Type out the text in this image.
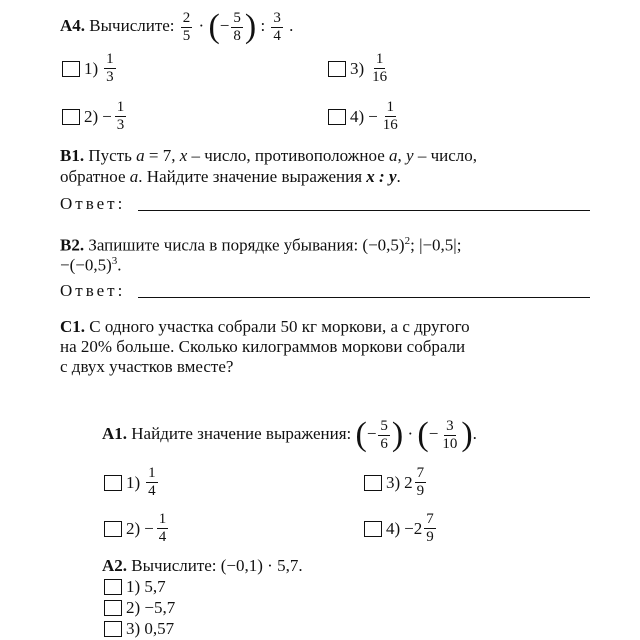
А4. Вычислите: $\frac{2}{5}$ · (− $\frac{5}{8}$ ) : $\frac{3}{4}$ .
$1) \frac{1}{3}$	$3) \frac{1}{16}$
$2) - \frac{1}{3}$	$4) - \frac{1}{16}$
В1. Пусть a = 7, x – число, противоположное a, y – число,
обратное a. Найдите значение выражения x : y.
Ответ:
В2. Запишите числа в порядке убывания: $(-0,5)^2$; |−0,5|;
$-(-0,5)^3$.
Ответ:
С1. С одного участка собрали 50 кг моркови, а с другого
на 20% больше. Сколько килограммов моркови собрали
с двух участков вместе?
А1. Найдите значение выражения: (− $\frac{5}{6}$ ) · (− $\frac{3}{10}$ ).
$1) \frac{1}{4}$	3) $2 \frac{7}{9}$
$2) - \frac{1}{4}$	$4) - 2 \frac{7}{9}$
А2. Вычислите: (−0,1) · 5,7.
1) 5,7
2) −5,7
3) 0,57
